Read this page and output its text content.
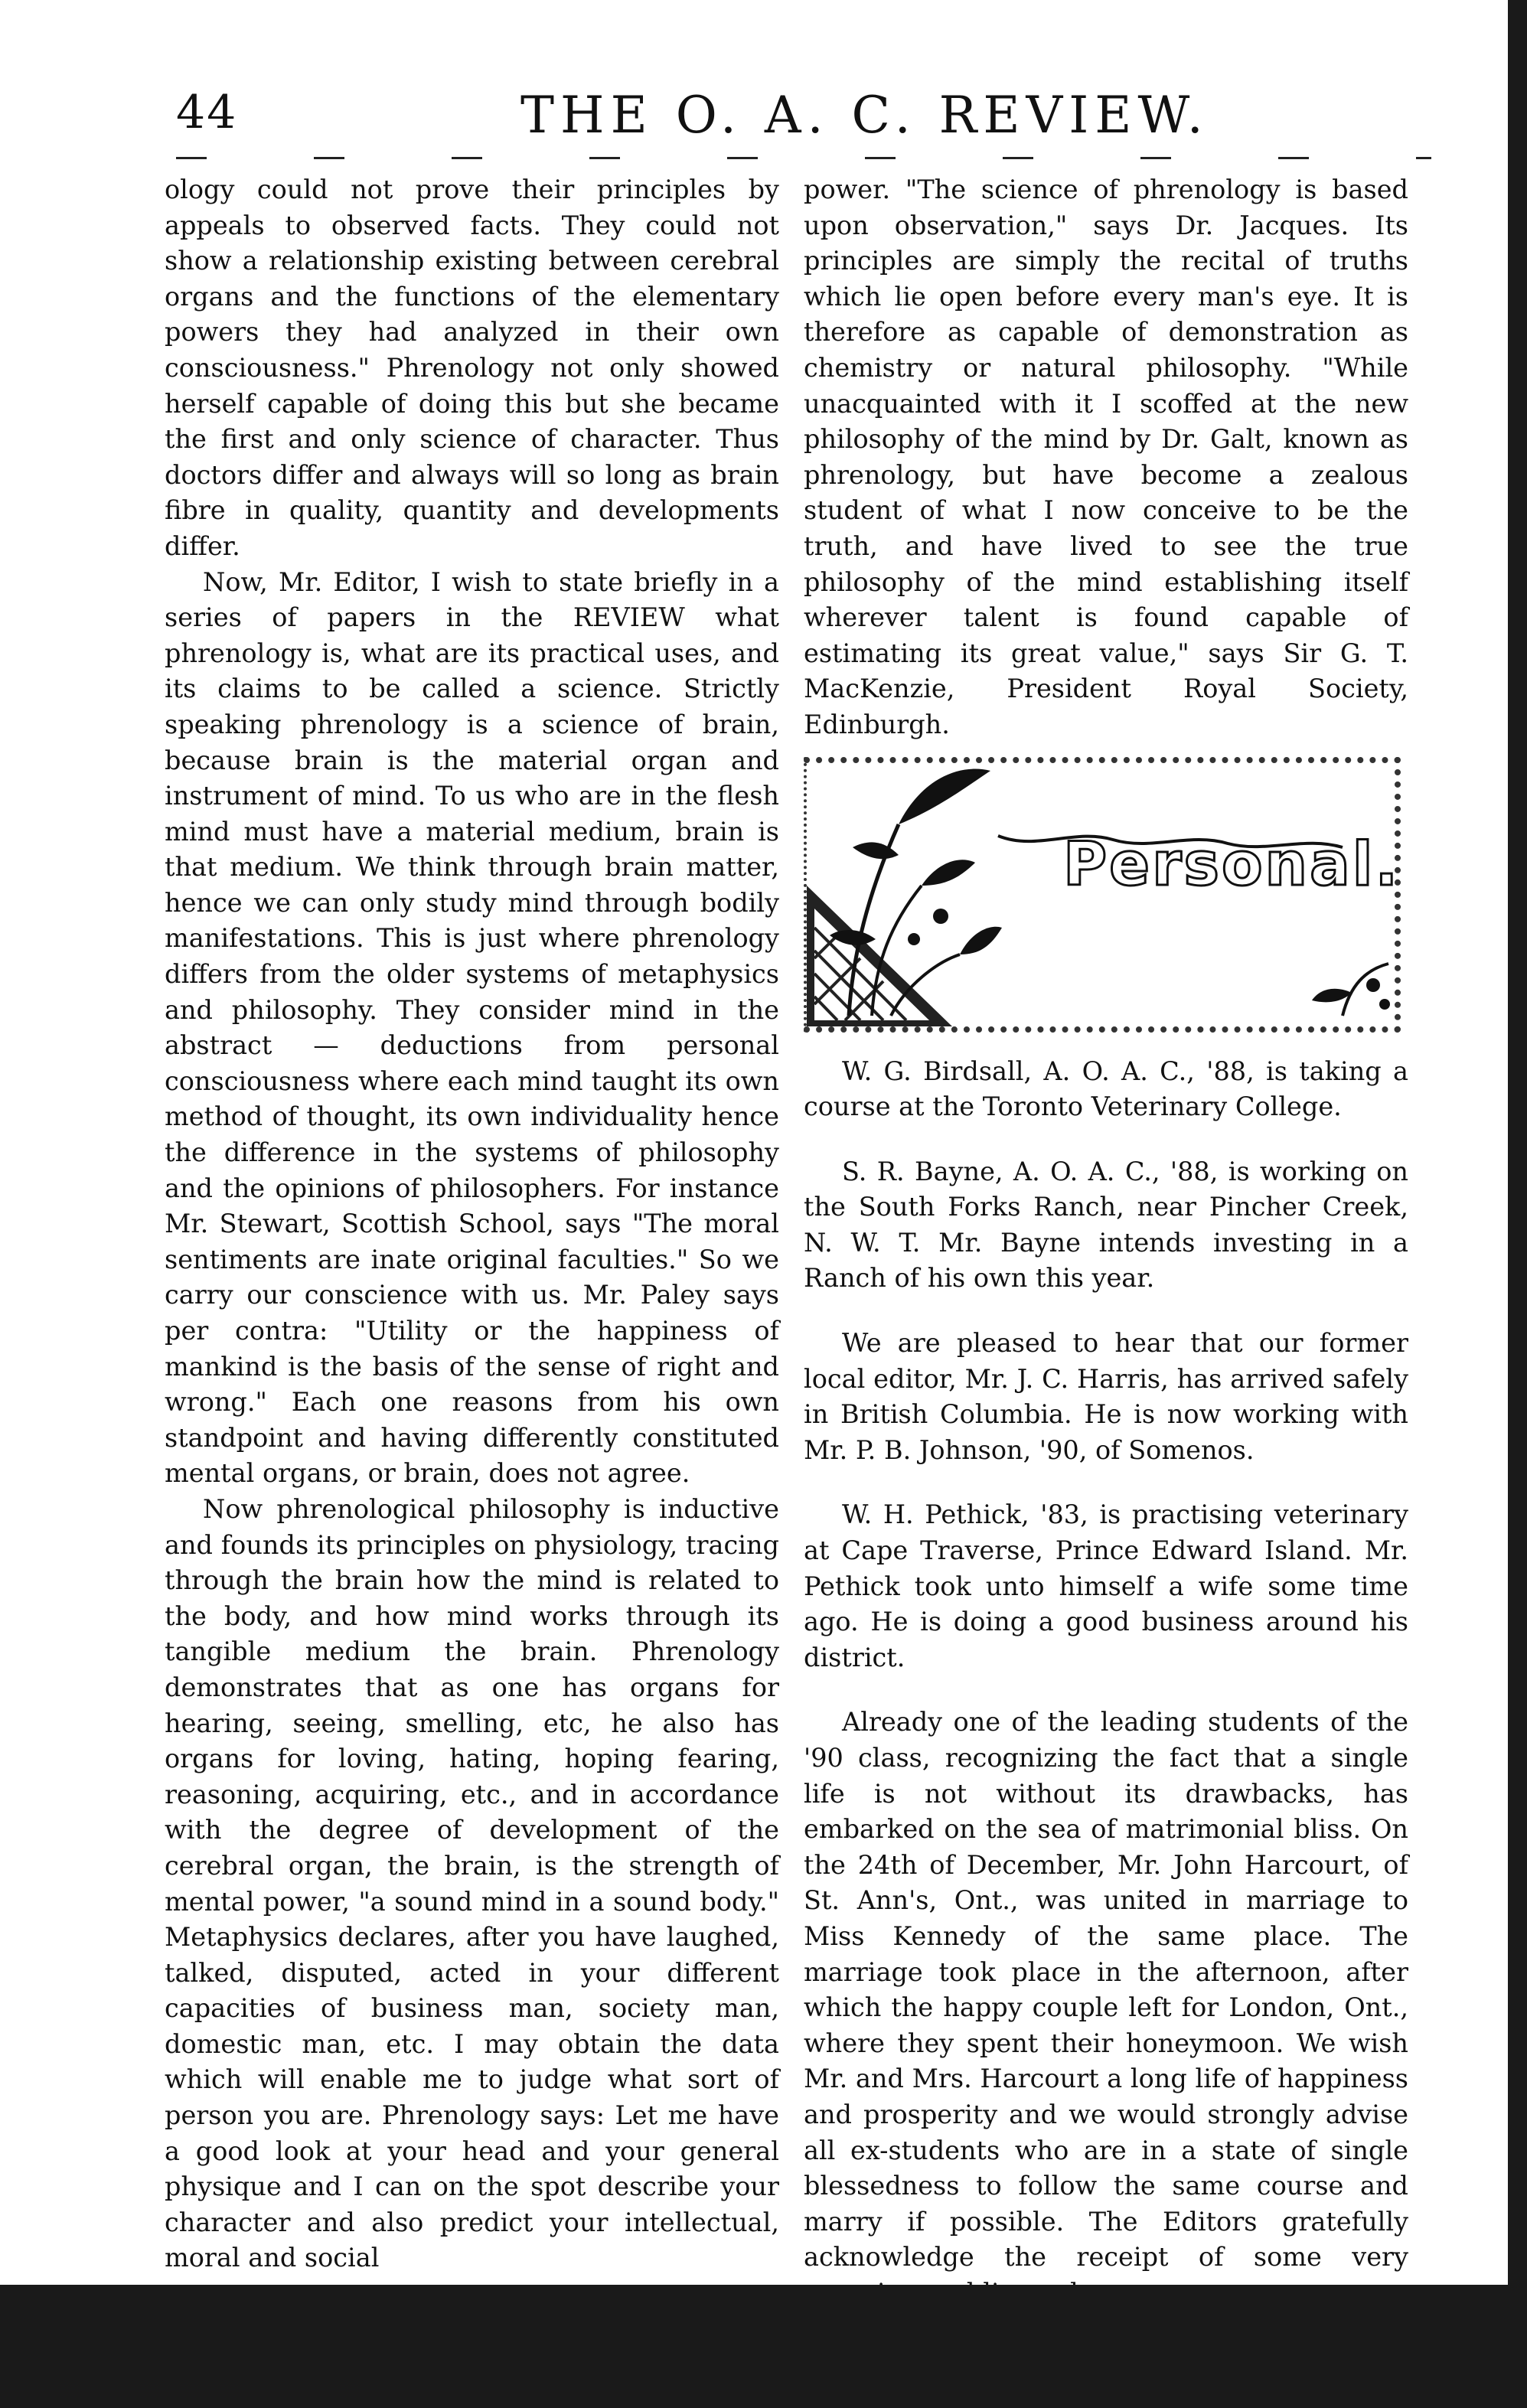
44	THE O. A. C. REVIEW.

ology could not prove their principles by appeals to observed facts. They could not show a relationship existing between cerebral organs and the functions of the elementary powers they had analyzed in their own consciousness." Phrenology not only showed herself capable of doing this but she became the first and only science of character. Thus doctors differ and always will so long as brain fibre in quality, quantity and developments differ.

Now, Mr. Editor, I wish to state briefly in a series of papers in the REVIEW what phrenology is, what are its practical uses, and its claims to be called a science. Strictly speaking phrenology is a science of brain, because brain is the material organ and instrument of mind. To us who are in the flesh mind must have a material medium, brain is that medium. We think through brain matter, hence we can only study mind through bodily manifestations. This is just where phrenology differs from the older systems of metaphysics and philosophy. They consider mind in the abstract — deductions from personal consciousness where each mind taught its own method of thought, its own individuality hence the difference in the systems of philosophy and the opinions of philosophers. For instance Mr. Stewart, Scottish School, says "The moral sentiments are inate original faculties." So we carry our conscience with us. Mr. Paley says per contra: "Utility or the happiness of mankind is the basis of the sense of right and wrong." Each one reasons from his own standpoint and having differently constituted mental organs, or brain, does not agree.

Now phrenological philosophy is inductive and founds its principles on physiology, tracing through the brain how the mind is related to the body, and how mind works through its tangible medium the brain. Phrenology demonstrates that as one has organs for hearing, seeing, smelling, etc, he also has organs for loving, hating, hoping fearing, reasoning, acquiring, etc., and in accordance with the degree of development of the cerebral organ, the brain, is the strength of mental power, "a sound mind in a sound body." Metaphysics declares, after you have laughed, talked, disputed, acted in your different capacities of business man, society man, domestic man, etc. I may obtain the data which will enable me to judge what sort of person you are. Phrenology says: Let me have a good look at your head and your general physique and I can on the spot describe your character and also predict your intellectual, moral and social

power. "The science of phrenology is based upon observation," says Dr. Jacques. Its principles are simply the recital of truths which lie open before every man's eye. It is therefore as capable of demonstration as chemistry or natural philosophy. "While unacquainted with it I scoffed at the new philosophy of the mind by Dr. Galt, known as phrenology, but have become a zealous student of what I now conceive to be the truth, and have lived to see the true philosophy of the mind establishing itself wherever talent is found capable of estimating its great value," says Sir G. T. MacKenzie, President Royal Society, Edinburgh.

Personal.

W. G. Birdsall, A. O. A. C., '88, is taking a course at the Toronto Veterinary College.

S. R. Bayne, A. O. A. C., '88, is working on the South Forks Ranch, near Pincher Creek, N. W. T. Mr. Bayne intends investing in a Ranch of his own this year.

We are pleased to hear that our former local editor, Mr. J. C. Harris, has arrived safely in British Columbia. He is now working with Mr. P. B. Johnson, '90, of Somenos.

W. H. Pethick, '83, is practising veterinary at Cape Traverse, Prince Edward Island. Mr. Pethick took unto himself a wife some time ago. He is doing a good business around his district.

Already one of the leading students of the '90 class, recognizing the fact that a single life is not without its drawbacks, has embarked on the sea of matrimonial bliss. On the 24th of December, Mr. John Harcourt, of St. Ann's, Ont., was united in marriage to Miss Kennedy of the same place. The marriage took place in the afternoon, after which the happy couple left for London, Ont., where they spent their honeymoon. We wish Mr. and Mrs. Harcourt a long life of happiness and prosperity and we would strongly advise all ex-students who are in a state of single blessedness to follow the same course and marry if possible. The Editors gratefully acknowledge the receipt of some very
